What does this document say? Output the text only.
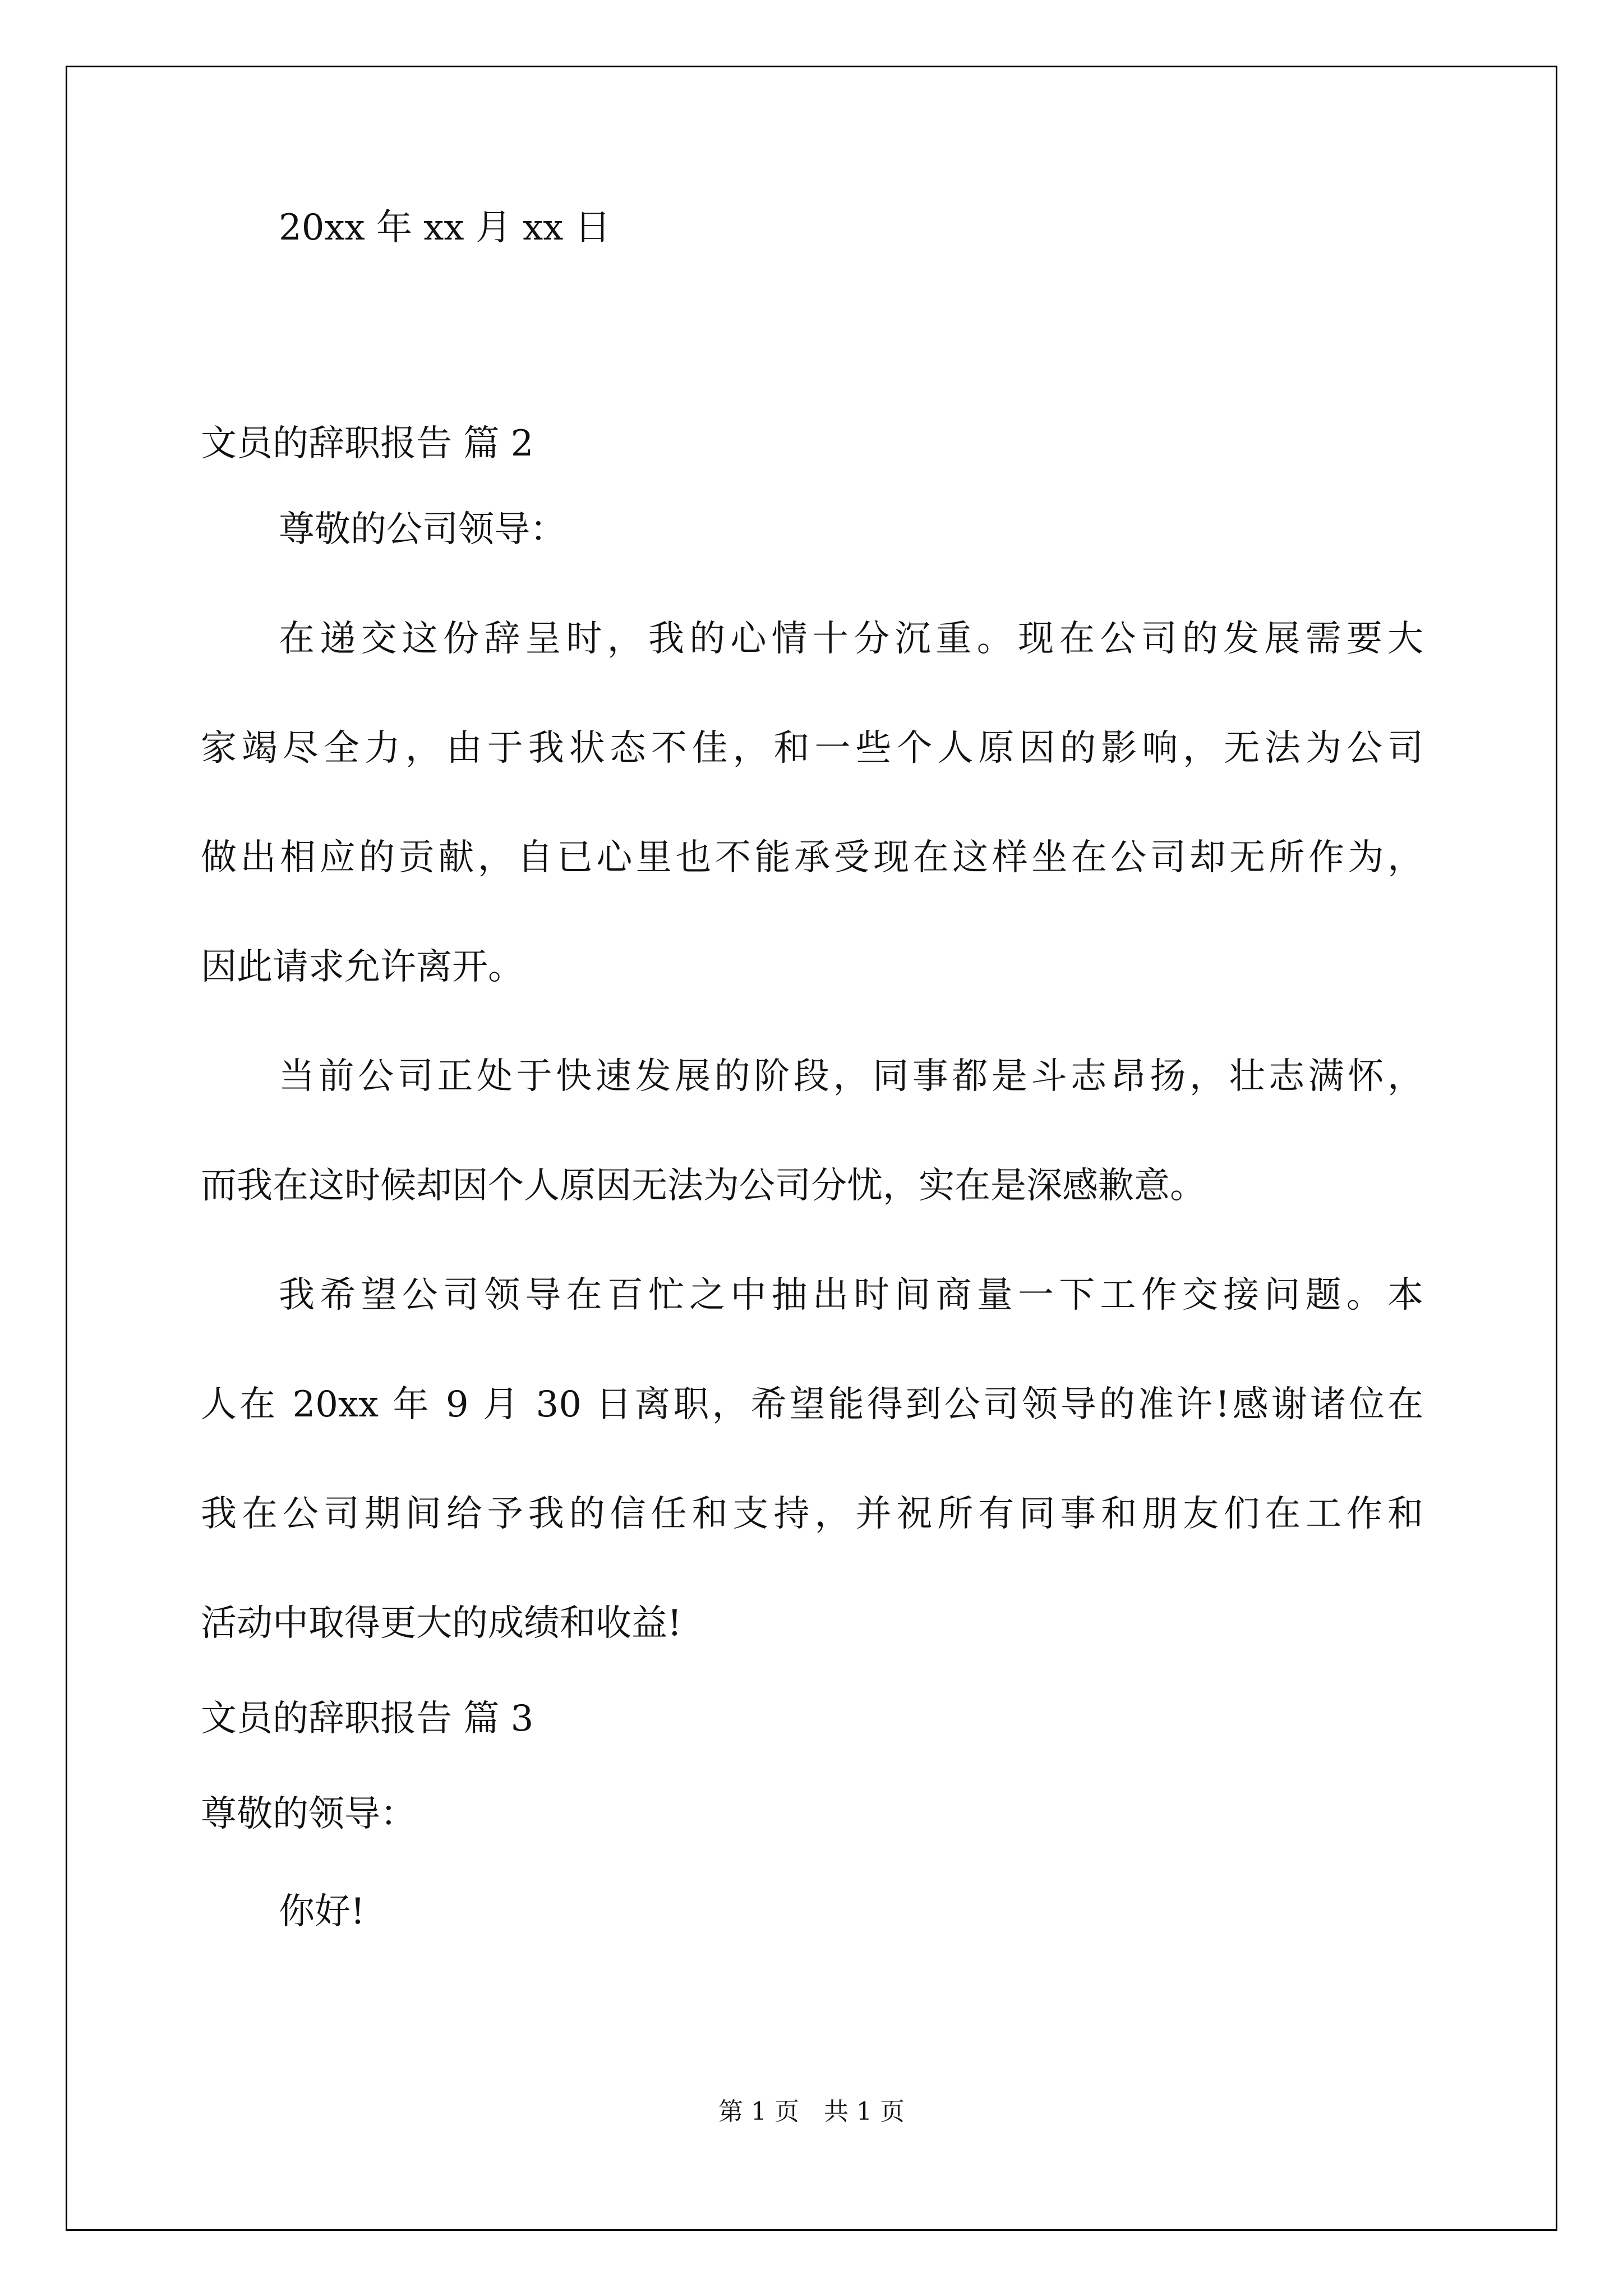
20xx 年 xx 月 xx 日

文员的辞职报告 篇 2

尊敬的公司领导：

在递交这份辞呈时，我的心情十分沉重。现在公司的发展需要大

家竭尽全力，由于我状态不佳，和一些个人原因的影响，无法为公司

做出相应的贡献，自已心里也不能承受现在这样坐在公司却无所作为，

因此请求允许离开。

当前公司正处于快速发展的阶段，同事都是斗志昂扬，壮志满怀，

而我在这时候却因个人原因无法为公司分忧，实在是深感歉意。

我希望公司领导在百忙之中抽出时间商量一下工作交接问题。本

人在 20xx 年 9 月 30 日离职，希望能得到公司领导的准许!感谢诸位在

我在公司期间给予我的信任和支持，并祝所有同事和朋友们在工作和

活动中取得更大的成绩和收益!

文员的辞职报告 篇 3

尊敬的领导：

你好!

第 1 页　共 1 页
